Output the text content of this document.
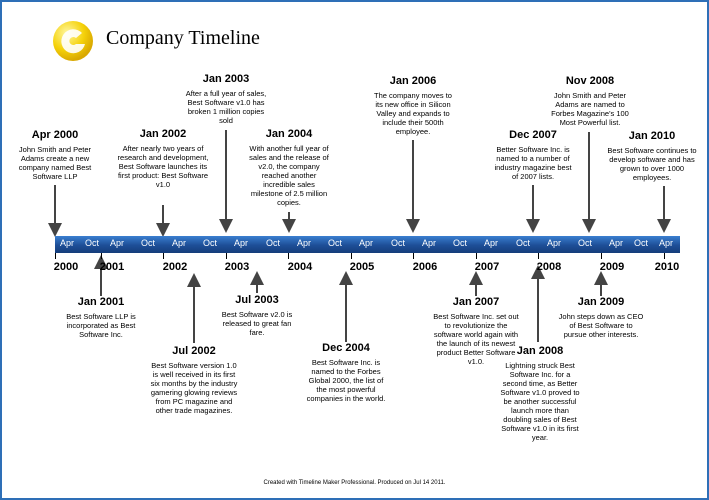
Company Timeline
Apr Oct Apr Oct Apr Oct Apr Oct Apr Oct Apr Oct Apr Oct Apr Oct Apr Oct Apr Oct Apr
2000 2001	2002	2003	2004	2005	2006	2007	2008	2009	2010
Apr 2000
John Smith and Peter Adams create a new company named Best Software LLP
Jan 2001
Best Software LLP is incorporated as Best Software Inc.
Jan 2002
After nearly two years of research and development, Best Software launches its first product: Best Software v1.0
Jul 2002
Best Software version 1.0 is well received in its first six months by the industry gamering glowing reviews from PC magazine and other trade magazines.
Jan 2003
After a full year of sales, Best Software v1.0 has broken 1 million copies sold
Jul 2003
Best Software v2.0 is released to great fan fare.
Jan 2004
With another full year of sales and the release of v2.0, the company reached another incredible sales milestone of 2.5 million copies.
Dec 2004
Best Software Inc. is named to the Forbes Global 2000, the list of the most powerful companies in the world.
Jan 2006
The company moves to its new office in Silicon Valley and expands to include their 500th employee.
Jan 2007
Best Software Inc. set out to revolutionize the software world again with the launch of its newest product Better Software v1.0.
Dec 2007
Better Software Inc. is named to a number of industry magazine best of 2007 lists.
Jan 2008
Lightning struck Best Software Inc. for a second time, as Better Software v1.0 proved to be another successful launch more than doubling sales of Best Software v1.0 in its first year.
Nov 2008
John Smith and Peter Adams are named to Forbes Magazine's 100 Most Powerful list.
Jan 2009
John steps down as CEO of Best Software to pursue other interests.
Jan 2010
Best Software continues to develop software and has grown to over 1000 employees.
Created with Timeline Maker Professional. Produced on Jul 14 2011.
